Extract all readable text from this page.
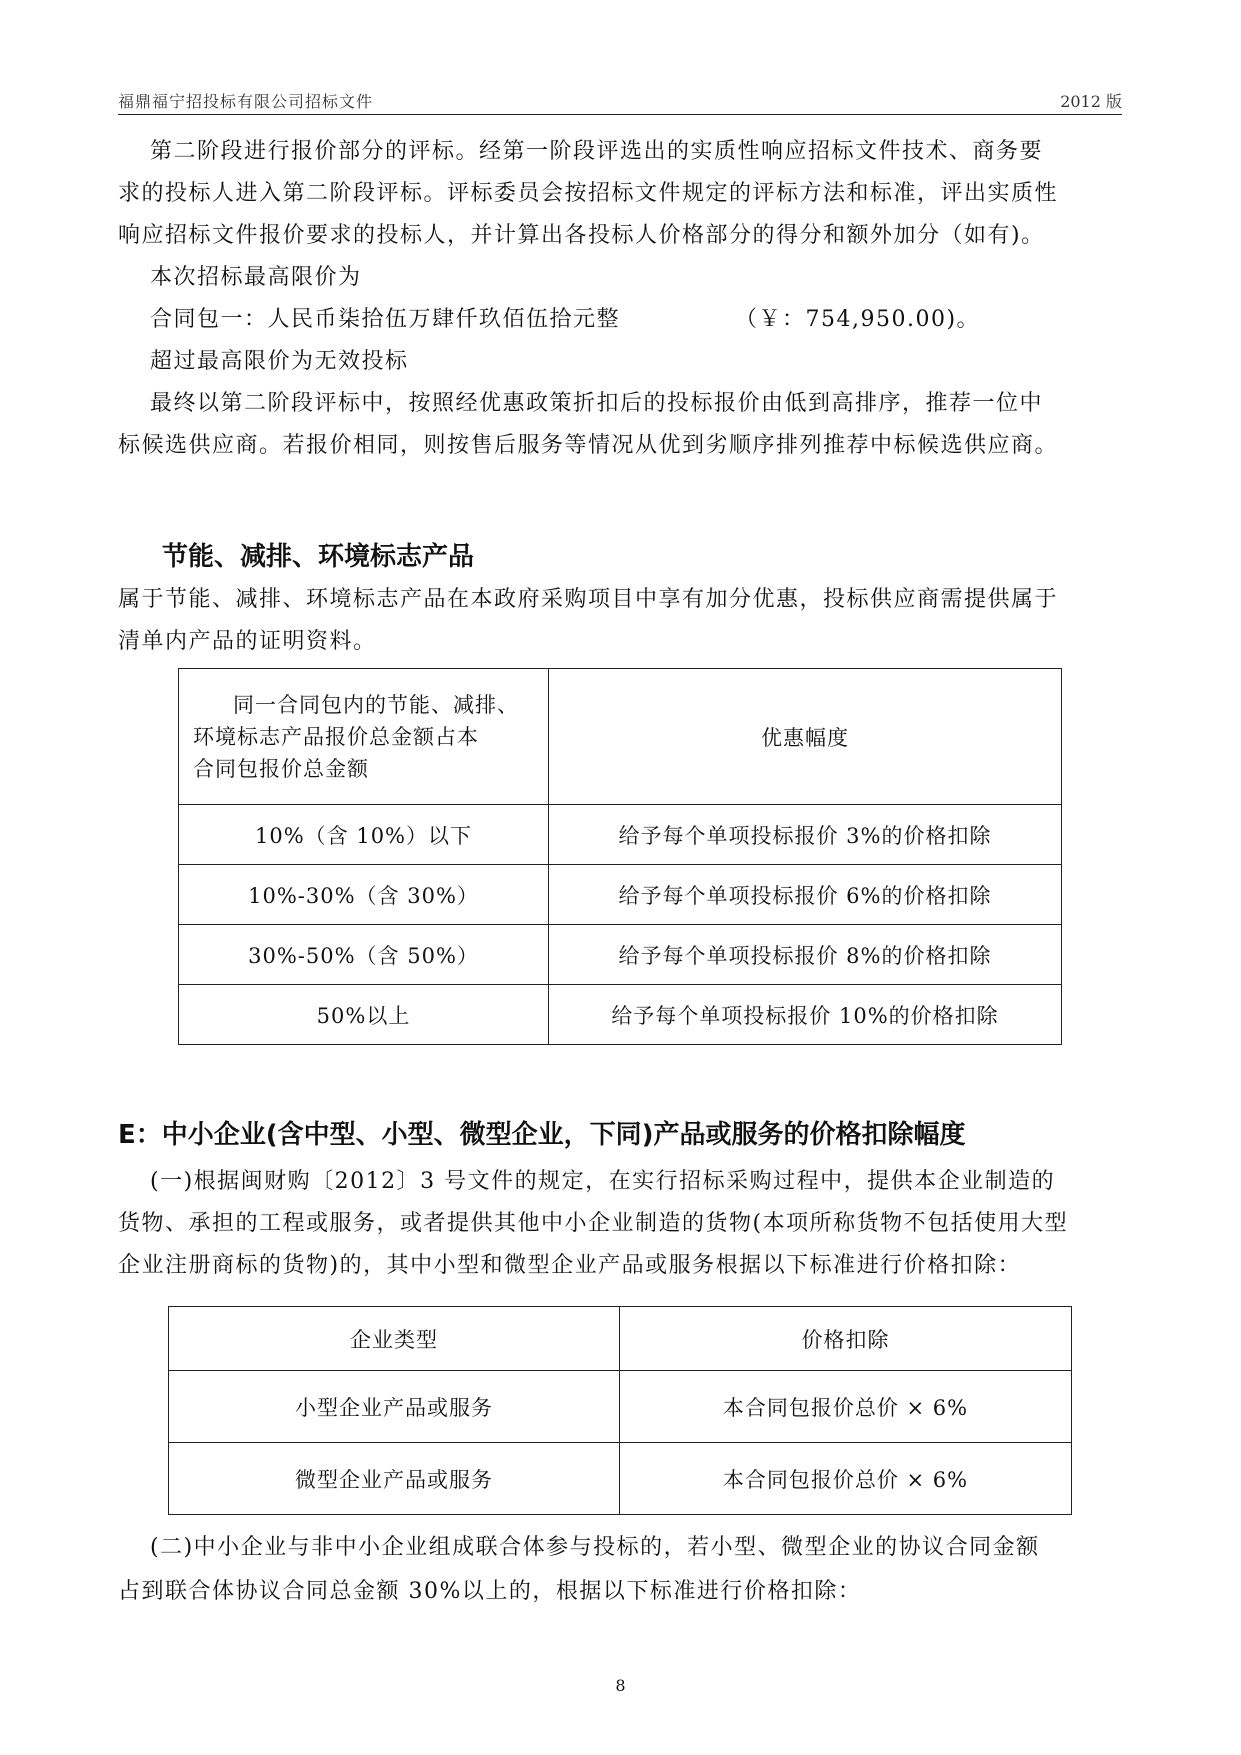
福鼎福宁招投标有限公司招标文件	2012 版
第二阶段进行报价部分的评标。经第一阶段评选出的实质性响应招标文件技术、商务要
求的投标人进入第二阶段评标。评标委员会按招标文件规定的评标方法和标准，评出实质性
响应招标文件报价要求的投标人，并计算出各投标人价格部分的得分和额外加分（如有)。
本次招标最高限价为
合同包一：人民币柒拾伍万肆仟玖佰伍拾元整	（￥：754,950.00)。
超过最高限价为无效投标
最终以第二阶段评标中，按照经优惠政策折扣后的投标报价由低到高排序，推荐一位中
标候选供应商。若报价相同，则按售后服务等情况从优到劣顺序排列推荐中标候选供应商。
节能、减排、环境标志产品
属于节能、减排、环境标志产品在本政府采购项目中享有加分优惠，投标供应商需提供属于
清单内产品的证明资料。
同一合同包内的节能、减排、
环境标志产品报价总金额占本
合同包报价总金额	优惠幅度
10%（含 10%）以下	给予每个单项投标报价 3%的价格扣除
10%-30%（含 30%）	给予每个单项投标报价 6%的价格扣除
30%-50%（含 50%）	给予每个单项投标报价 8%的价格扣除
50%以上	给予每个单项投标报价 10%的价格扣除
E：中小企业(含中型、小型、微型企业，下同)产品或服务的价格扣除幅度
(一)根据闽财购〔2012〕3 号文件的规定，在实行招标采购过程中，提供本企业制造的
货物、承担的工程或服务，或者提供其他中小企业制造的货物(本项所称货物不包括使用大型
企业注册商标的货物)的，其中小型和微型企业产品或服务根据以下标准进行价格扣除：
企业类型	价格扣除
小型企业产品或服务	本合同包报价总价 × 6%
微型企业产品或服务	本合同包报价总价 × 6%
(二)中小企业与非中小企业组成联合体参与投标的，若小型、微型企业的协议合同金额
占到联合体协议合同总金额 30%以上的，根据以下标准进行价格扣除：
8
